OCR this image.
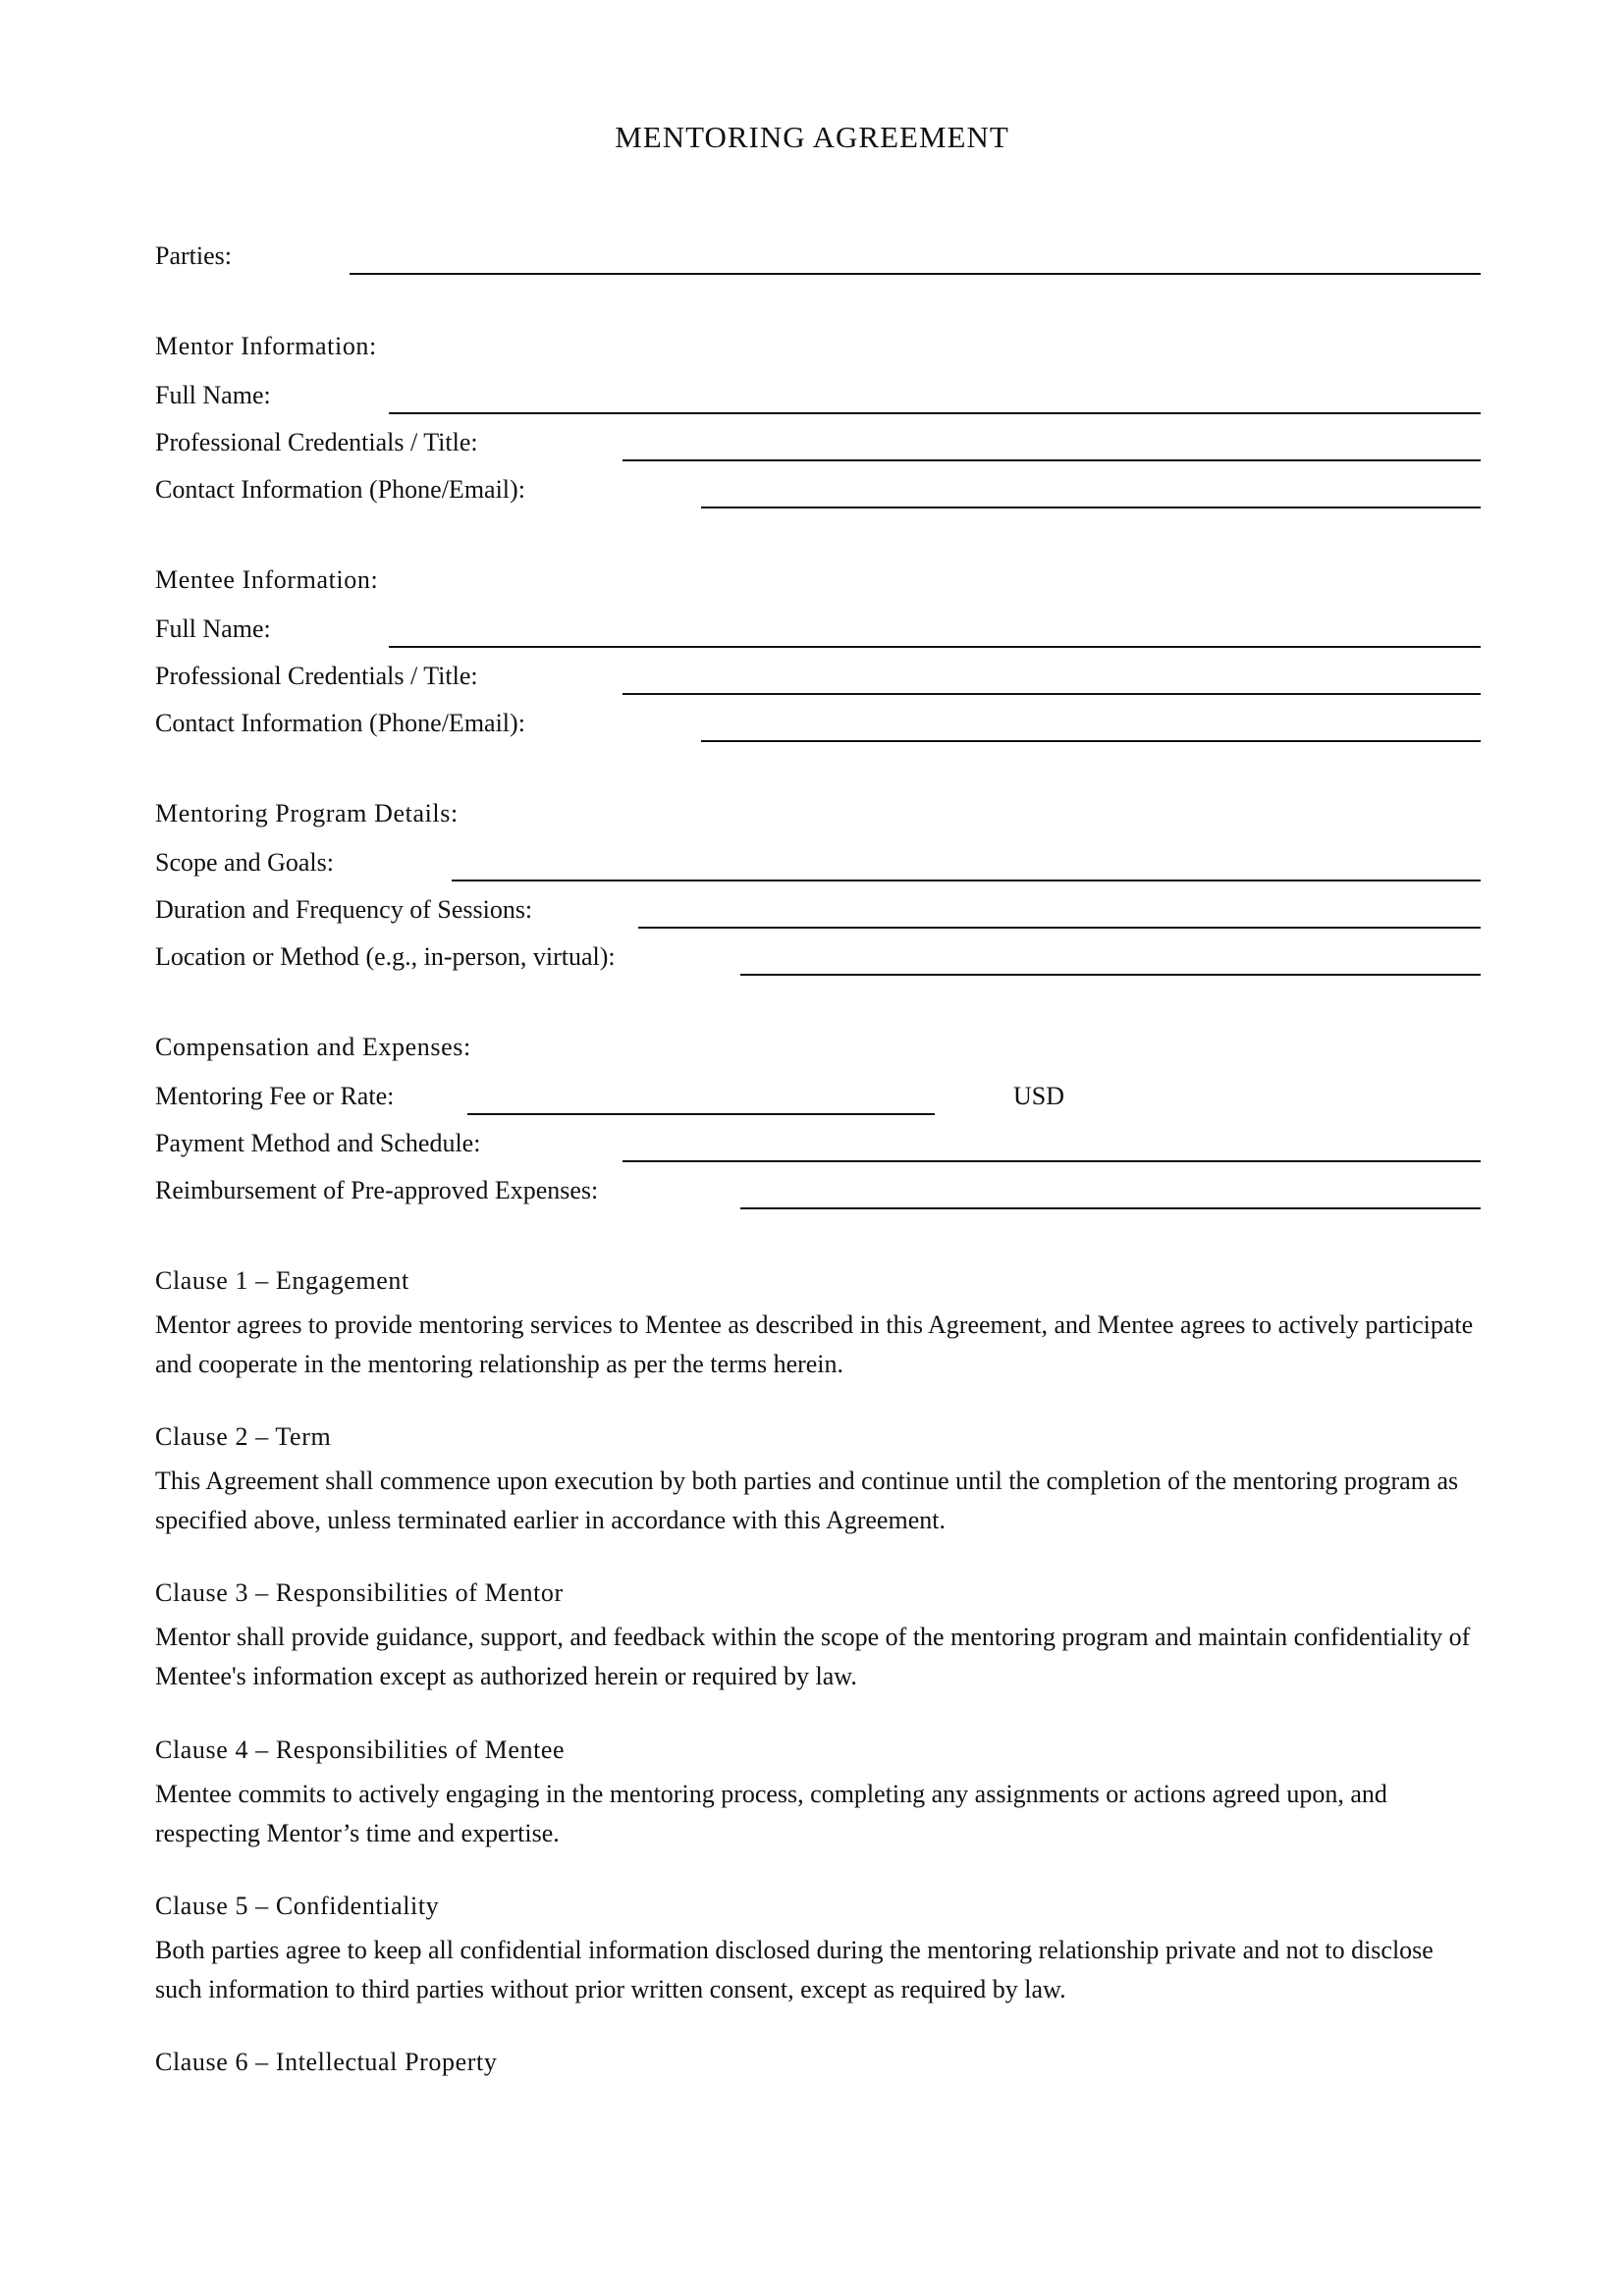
MENTORING AGREEMENT
Parties:
Mentor Information:
Full Name:
Professional Credentials / Title:
Contact Information (Phone/Email):
Mentee Information:
Full Name:
Professional Credentials / Title:
Contact Information (Phone/Email):
Mentoring Program Details:
Scope and Goals:
Duration and Frequency of Sessions:
Location or Method (e.g., in-person, virtual):
Compensation and Expenses:
Mentoring Fee or Rate:	USD
Payment Method and Schedule:
Reimbursement of Pre-approved Expenses:
Clause 1 – Engagement
Mentor agrees to provide mentoring services to Mentee as described in this Agreement, and Mentee agrees to actively participate and cooperate in the mentoring relationship as per the terms herein.
Clause 2 – Term
This Agreement shall commence upon execution by both parties and continue until the completion of the mentoring program as specified above, unless terminated earlier in accordance with this Agreement.
Clause 3 – Responsibilities of Mentor
Mentor shall provide guidance, support, and feedback within the scope of the mentoring program and maintain confidentiality of Mentee's information except as authorized herein or required by law.
Clause 4 – Responsibilities of Mentee
Mentee commits to actively engaging in the mentoring process, completing any assignments or actions agreed upon, and respecting Mentor’s time and expertise.
Clause 5 – Confidentiality
Both parties agree to keep all confidential information disclosed during the mentoring relationship private and not to disclose such information to third parties without prior written consent, except as required by law.
Clause 6 – Intellectual Property
